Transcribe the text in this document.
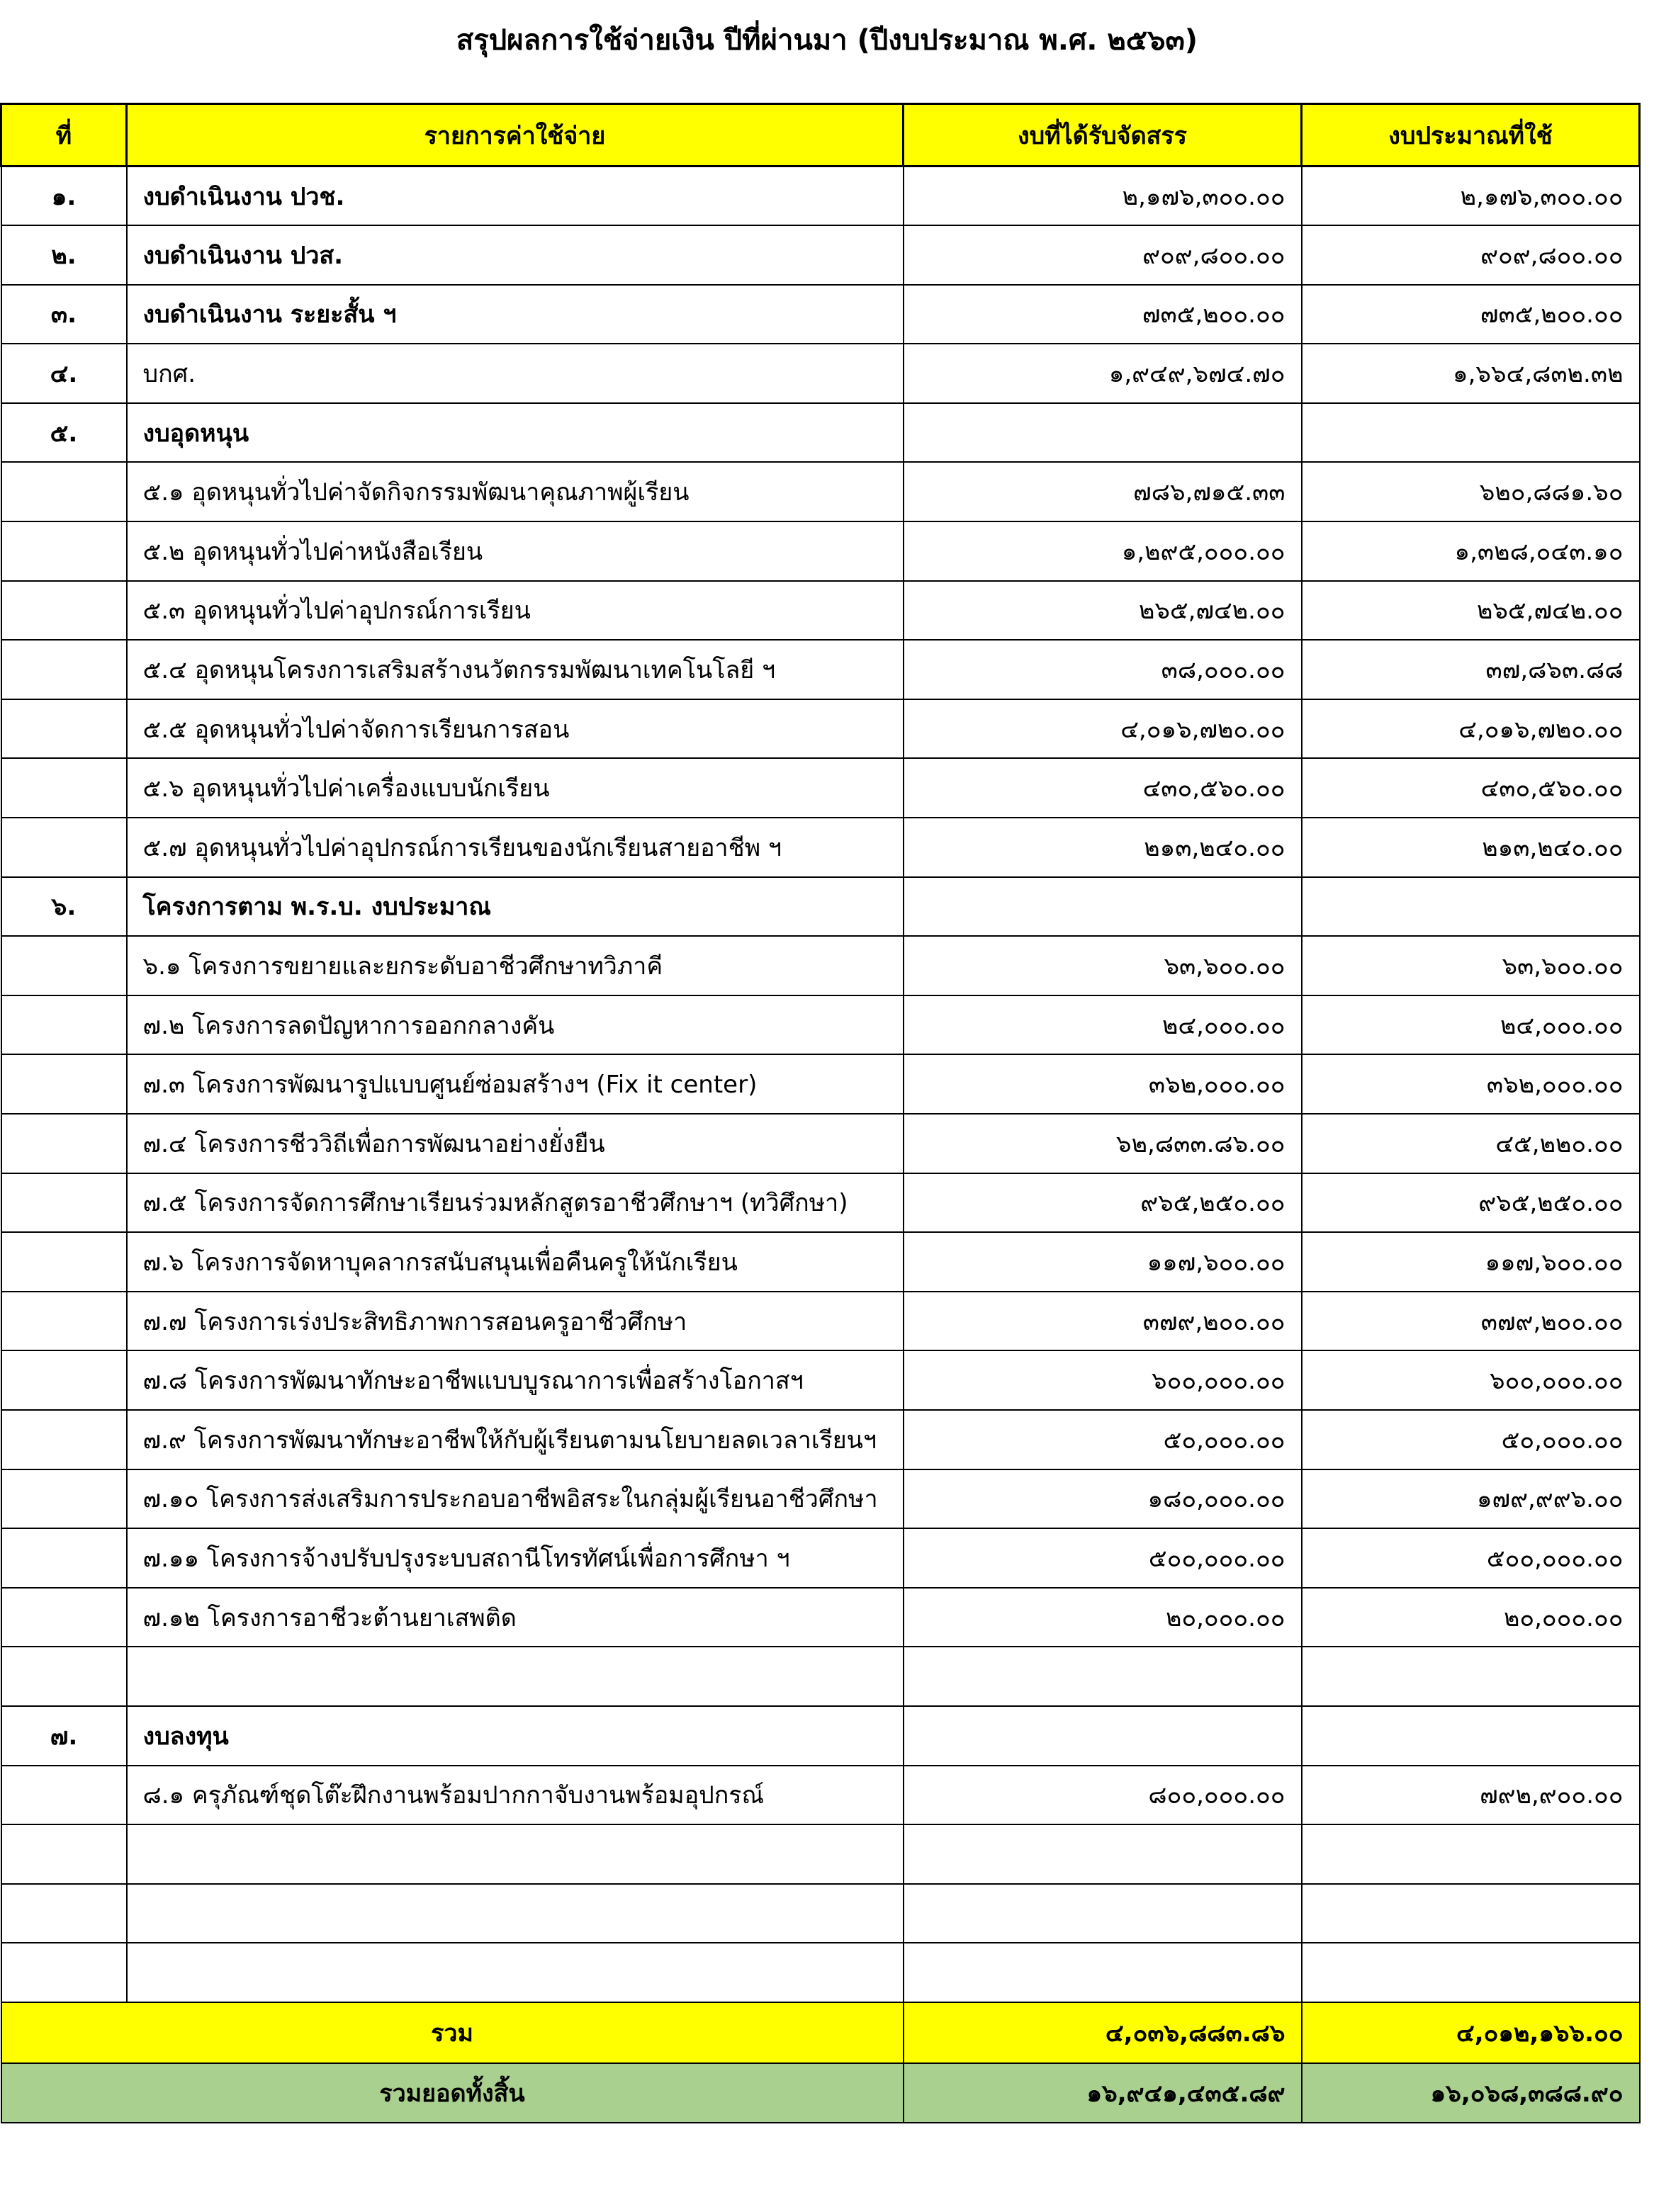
สรุปผลการใช้จ่ายเงิน ปีที่ผ่านมา (ปีงบประมาณ พ.ศ. ๒๕๖๓)
ที่	รายการค่าใช้จ่าย	งบที่ได้รับจัดสรร	งบประมาณที่ใช้
๑.	งบดำเนินงาน ปวช.	๒,๑๗๖,๓๐๐.๐๐	๒,๑๗๖,๓๐๐.๐๐
๒.	งบดำเนินงาน ปวส.	๙๐๙,๘๐๐.๐๐	๙๐๙,๘๐๐.๐๐
๓.	งบดำเนินงาน ระยะสั้น ฯ	๗๓๕,๒๐๐.๐๐	๗๓๕,๒๐๐.๐๐
๔.	บกศ.	๑,๙๔๙,๖๗๔.๗๐	๑,๖๖๔,๘๓๒.๓๒
๕.	งบอุดหนุน		
	๕.๑ อุดหนุนทั่วไปค่าจัดกิจกรรมพัฒนาคุณภาพผู้เรียน	๗๘๖,๗๑๕.๓๓	๖๒๐,๘๘๑.๖๐
	๕.๒ อุดหนุนทั่วไปค่าหนังสือเรียน	๑,๒๙๕,๐๐๐.๐๐	๑,๓๒๘,๐๔๓.๑๐
	๕.๓ อุดหนุนทั่วไปค่าอุปกรณ์การเรียน	๒๖๕,๗๔๒.๐๐	๒๖๕,๗๔๒.๐๐
	๕.๔ อุดหนุนโครงการเสริมสร้างนวัตกรรมพัฒนาเทคโนโลยี ฯ	๓๘,๐๐๐.๐๐	๓๗,๘๖๓.๘๘
	๕.๕ อุดหนุนทั่วไปค่าจัดการเรียนการสอน	๔,๐๑๖,๗๒๐.๐๐	๔,๐๑๖,๗๒๐.๐๐
	๕.๖ อุดหนุนทั่วไปค่าเครื่องแบบนักเรียน	๔๓๐,๕๖๐.๐๐	๔๓๐,๕๖๐.๐๐
	๕.๗ อุดหนุนทั่วไปค่าอุปกรณ์การเรียนของนักเรียนสายอาชีพ ฯ	๒๑๓,๒๔๐.๐๐	๒๑๓,๒๔๐.๐๐
๖.	โครงการตาม พ.ร.บ. งบประมาณ		
	๖.๑ โครงการขยายและยกระดับอาชีวศึกษาทวิภาคี	๖๓,๖๐๐.๐๐	๖๓,๖๐๐.๐๐
	๗.๒ โครงการลดปัญหาการออกกลางคัน	๒๔,๐๐๐.๐๐	๒๔,๐๐๐.๐๐
	๗.๓ โครงการพัฒนารูปแบบศูนย์ซ่อมสร้างฯ (Fix it center)	๓๖๒,๐๐๐.๐๐	๓๖๒,๐๐๐.๐๐
	๗.๔ โครงการชีววิถีเพื่อการพัฒนาอย่างยั่งยืน	๖๒,๘๓๓.๘๖.๐๐	๔๕,๒๒๐.๐๐
	๗.๕ โครงการจัดการศึกษาเรียนร่วมหลักสูตรอาชีวศึกษาฯ (ทวิศึกษา)	๙๖๕,๒๕๐.๐๐	๙๖๕,๒๕๐.๐๐
	๗.๖ โครงการจัดหาบุคลากรสนับสนุนเพื่อคืนครูให้นักเรียน	๑๑๗,๖๐๐.๐๐	๑๑๗,๖๐๐.๐๐
	๗.๗ โครงการเร่งประสิทธิภาพการสอนครูอาชีวศึกษา	๓๗๙,๒๐๐.๐๐	๓๗๙,๒๐๐.๐๐
	๗.๘ โครงการพัฒนาทักษะอาชีพแบบบูรณาการเพื่อสร้างโอกาสฯ	๖๐๐,๐๐๐.๐๐	๖๐๐,๐๐๐.๐๐
	๗.๙ โครงการพัฒนาทักษะอาชีพให้กับผู้เรียนตามนโยบายลดเวลาเรียนฯ	๕๐,๐๐๐.๐๐	๕๐,๐๐๐.๐๐
	๗.๑๐ โครงการส่งเสริมการประกอบอาชีพอิสระในกลุ่มผู้เรียนอาชีวศึกษา	๑๘๐,๐๐๐.๐๐	๑๗๙,๙๙๖.๐๐
	๗.๑๑ โครงการจ้างปรับปรุงระบบสถานีโทรทัศน์เพื่อการศึกษา ฯ	๕๐๐,๐๐๐.๐๐	๕๐๐,๐๐๐.๐๐
	๗.๑๒ โครงการอาชีวะต้านยาเสพติด	๒๐,๐๐๐.๐๐	๒๐,๐๐๐.๐๐

๗.	งบลงทุน		
	๘.๑ ครุภัณฑ์ชุดโต๊ะฝึกงานพร้อมปากกาจับงานพร้อมอุปกรณ์	๘๐๐,๐๐๐.๐๐	๗๙๒,๙๐๐.๐๐

รวม		๔,๐๓๖,๘๘๓.๘๖	๔,๐๑๒,๑๖๖.๐๐
รวมยอดทั้งสิ้น		๑๖,๙๔๑,๔๓๕.๘๙	๑๖,๐๖๘,๓๘๘.๙๐
